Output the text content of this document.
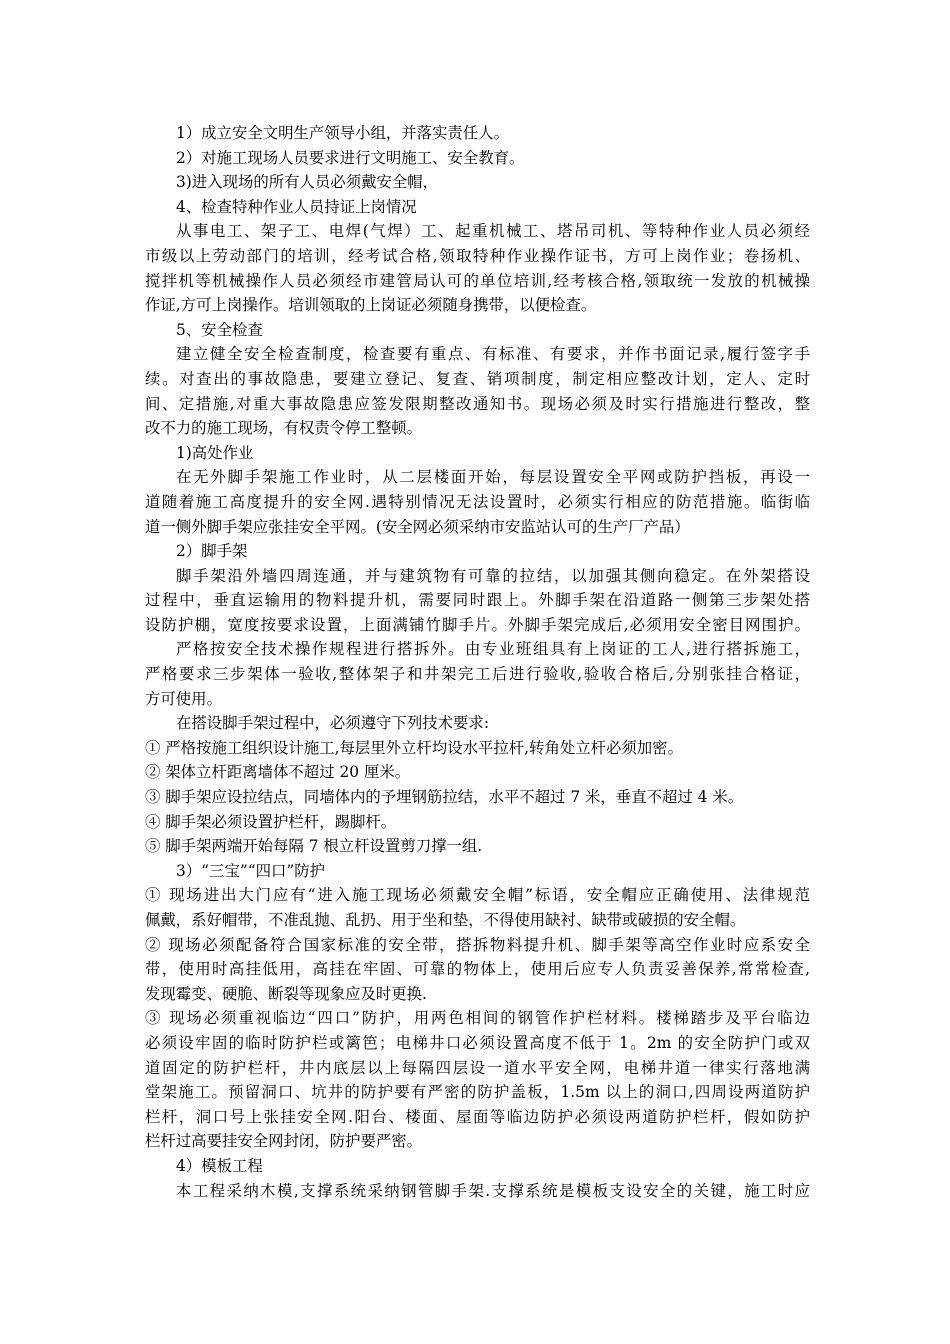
1）成立安全文明生产领导小组，并落实责任人。
2）对施工现场人员要求进行文明施工、安全教育。
3)进入现场的所有人员必须戴安全帽，
4、检查特种作业人员持证上岗情况
从事电工、架子工、电焊(气焊）工、起重机械工、塔吊司机、等特种作业人员必须经
市级以上劳动部门的培训，经考试合格,领取特种作业操作证书，方可上岗作业；卷扬机、
搅拌机等机械操作人员必须经市建管局认可的单位培训,经考核合格,领取统一发放的机械操
作证,方可上岗操作。培训领取的上岗证必须随身携带，以便检查。
5、安全检查
建立健全安全检查制度，检查要有重点、有标准、有要求，并作书面记录,履行签字手
续。对查出的事故隐患，要建立登记、复查、销项制度，制定相应整改计划，定人、定时
间、定措施,对重大事故隐患应签发限期整改通知书。现场必须及时实行措施进行整改，整
改不力的施工现场，有权责令停工整顿。
1)高处作业
在无外脚手架施工作业时，从二层楼面开始，每层设置安全平网或防护挡板，再设一
道随着施工高度提升的安全网.遇特别情况无法设置时，必须实行相应的防范措施。临街临
道一侧外脚手架应张挂安全平网。(安全网必须采纳市安监站认可的生产厂产品）
2）脚手架
脚手架沿外墙四周连通，并与建筑物有可靠的拉结，以加强其侧向稳定。在外架搭设
过程中，垂直运输用的物料提升机，需要同时跟上。外脚手架在沿道路一侧第三步架处搭
设防护棚，宽度按要求设置，上面满铺竹脚手片。外脚手架完成后,必须用安全密目网围护。
严格按安全技术操作规程进行搭拆外。由专业班组具有上岗证的工人,进行搭拆施工，
严格要求三步架体一验收,整体架子和井架完工后进行验收,验收合格后,分别张挂合格证，
方可使用。
在搭设脚手架过程中，必须遵守下列技术要求:
① 严格按施工组织设计施工,每层里外立杆均设水平拉杆,转角处立杆必须加密。
② 架体立杆距离墙体不超过 20 厘米。
③ 脚手架应设拉结点，同墙体内的予埋钢筋拉结，水平不超过 7 米，垂直不超过 4 米。
④ 脚手架必须设置护栏杆，踢脚杆。
⑤ 脚手架两端开始每隔 7 根立杆设置剪刀撑一组.
3）“三宝”“四口”防护
① 现场进出大门应有“进入施工现场必须戴安全帽”标语，安全帽应正确使用、法律规范
佩戴，系好帽带，不准乱抛、乱扔、用于坐和垫，不得使用缺衬、缺带或破损的安全帽。
② 现场必须配备符合国家标准的安全带，搭拆物料提升机、脚手架等高空作业时应系安全
带，使用时高挂低用，高挂在牢固、可靠的物体上，使用后应专人负责妥善保养,常常检查,
发现霉变、硬脆、断裂等现象应及时更换.
③ 现场必须重视临边“四口”防护，用两色相间的钢管作护栏材料。楼梯踏步及平台临边
必须设牢固的临时防护栏或篱笆；电梯井口必须设置高度不低于 1。2m 的安全防护门或双
道固定的防护栏杆，井内底层以上每隔四层设一道水平安全网，电梯井道一律实行落地满
堂架施工。预留洞口、坑井的防护要有严密的防护盖板，1.5m 以上的洞口,四周设两道防护
栏杆，洞口号上张挂安全网.阳台、楼面、屋面等临边防护必须设两道防护栏杆，假如防护
栏杆过高要挂安全网封闭，防护要严密。
4）模板工程
本工程采纳木模,支撑系统采纳钢管脚手架.支撑系统是模板支设安全的关键，施工时应
